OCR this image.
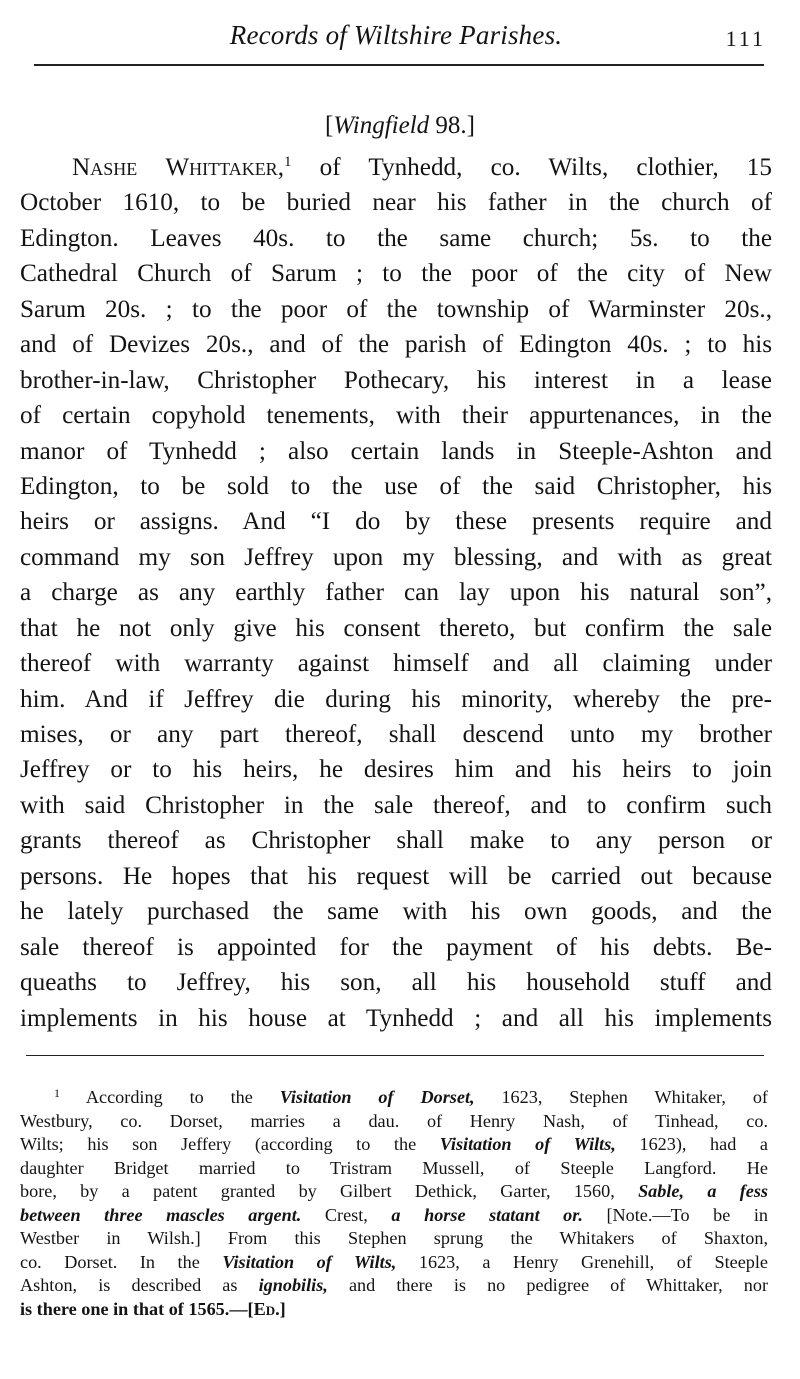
Records of Wiltshire Parishes.	111
[Wingfield 98.]
Nashe Whittaker,$^1$ of Tynhedd, co. Wilts, clothier, 15
October 1610, to be buried near his father in the church of
Edington. Leaves 40s. to the same church; 5s. to the
Cathedral Church of Sarum ; to the poor of the city of New
Sarum 20s. ; to the poor of the township of Warminster 20s.,
and of Devizes 20s., and of the parish of Edington 40s. ; to his
brother-in-law, Christopher Pothecary, his interest in a lease
of certain copyhold tenements, with their appurtenances, in the
manor of Tynhedd ; also certain lands in Steeple-Ashton and
Edington, to be sold to the use of the said Christopher, his
heirs or assigns. And “I do by these presents require and
command my son Jeffrey upon my blessing, and with as great
a charge as any earthly father can lay upon his natural son”,
that he not only give his consent thereto, but confirm the sale
thereof with warranty against himself and all claiming under
him. And if Jeffrey die during his minority, whereby the pre-
mises, or any part thereof, shall descend unto my brother
Jeffrey or to his heirs, he desires him and his heirs to join
with said Christopher in the sale thereof, and to confirm such
grants thereof as Christopher shall make to any person or
persons. He hopes that his request will be carried out because
he lately purchased the same with his own goods, and the
sale thereof is appointed for the payment of his debts. Be-
queaths to Jeffrey, his son, all his household stuff and
implements in his house at Tynhedd ; and all his implements
$^1$ According to the Visitation of Dorset, 1623, Stephen Whitaker, of
Westbury, co. Dorset, marries a dau. of Henry Nash, of Tinhead, co.
Wilts; his son Jeffery (according to the Visitation of Wilts, 1623), had a
daughter Bridget married to Tristram Mussell, of Steeple Langford. He
bore, by a patent granted by Gilbert Dethick, Garter, 1560, Sable, a fess
between three mascles argent. Crest, a horse statant or. [Note.—To be in
Westber in Wilsh.] From this Stephen sprung the Whitakers of Shaxton,
co. Dorset. In the Visitation of Wilts, 1623, a Henry Grenehill, of Steeple
Ashton, is described as ignobilis, and there is no pedigree of Whittaker, nor
is there one in that of 1565.—[Ed.]
